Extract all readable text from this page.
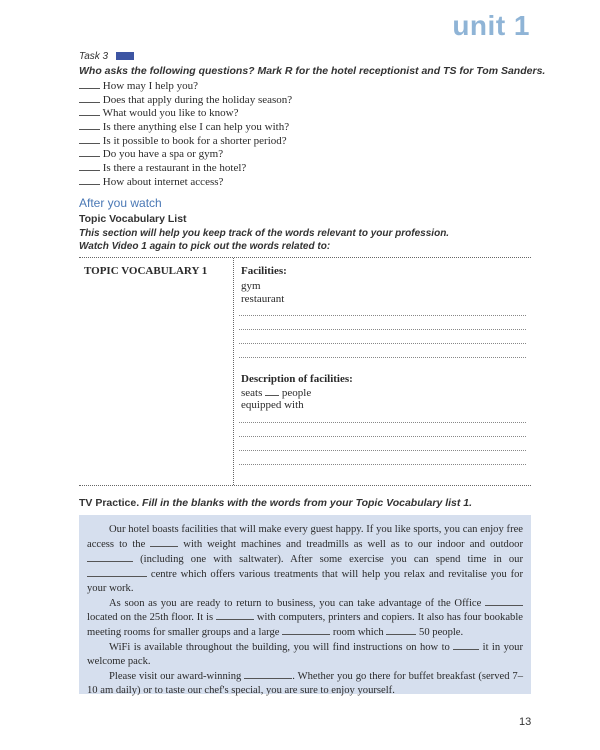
unit 1
Task 3
Who asks the following questions? Mark R for the hotel receptionist and TS for Tom Sanders.
How may I help you?
Does that apply during the holiday season?
What would you like to know?
Is there anything else I can help you with?
Is it possible to book for a shorter period?
Do you have a spa or gym?
Is there a restaurant in the hotel?
How about internet access?
After you watch
Topic Vocabulary List
This section will help you keep track of the words relevant to your profession.
Watch Video 1 again to pick out the words related to:
TOPIC VOCABULARY 1	Facilities:
gym
restaurant
Description of facilities:
seats people
equipped with
TV Practice. Fill in the blanks with the words from your Topic Vocabulary list 1.

Our hotel boasts facilities that will make every guest happy. If you like sports, you can enjoy free access to the	with weight machines and treadmills as well as to our indoor and outdoor  (including one with saltwater). After some exercise you can spend time in our  centre which offers various treatments that will help you relax and revitalise you for your work.

As soon as you are ready to return to business, you can take advantage of the Office  located on the 25th floor. It is	with computers, printers and copiers. It also has four bookable meeting rooms for smaller groups and a large	room which	50 people.

WiFi is available throughout the building, you will find instructions on how to	it in your welcome pack.

Please visit our award-winning	. Whether you go there for buffet breakfast (served 7–10 am daily) or to taste our chef's special, you are sure to enjoy yourself.

13
